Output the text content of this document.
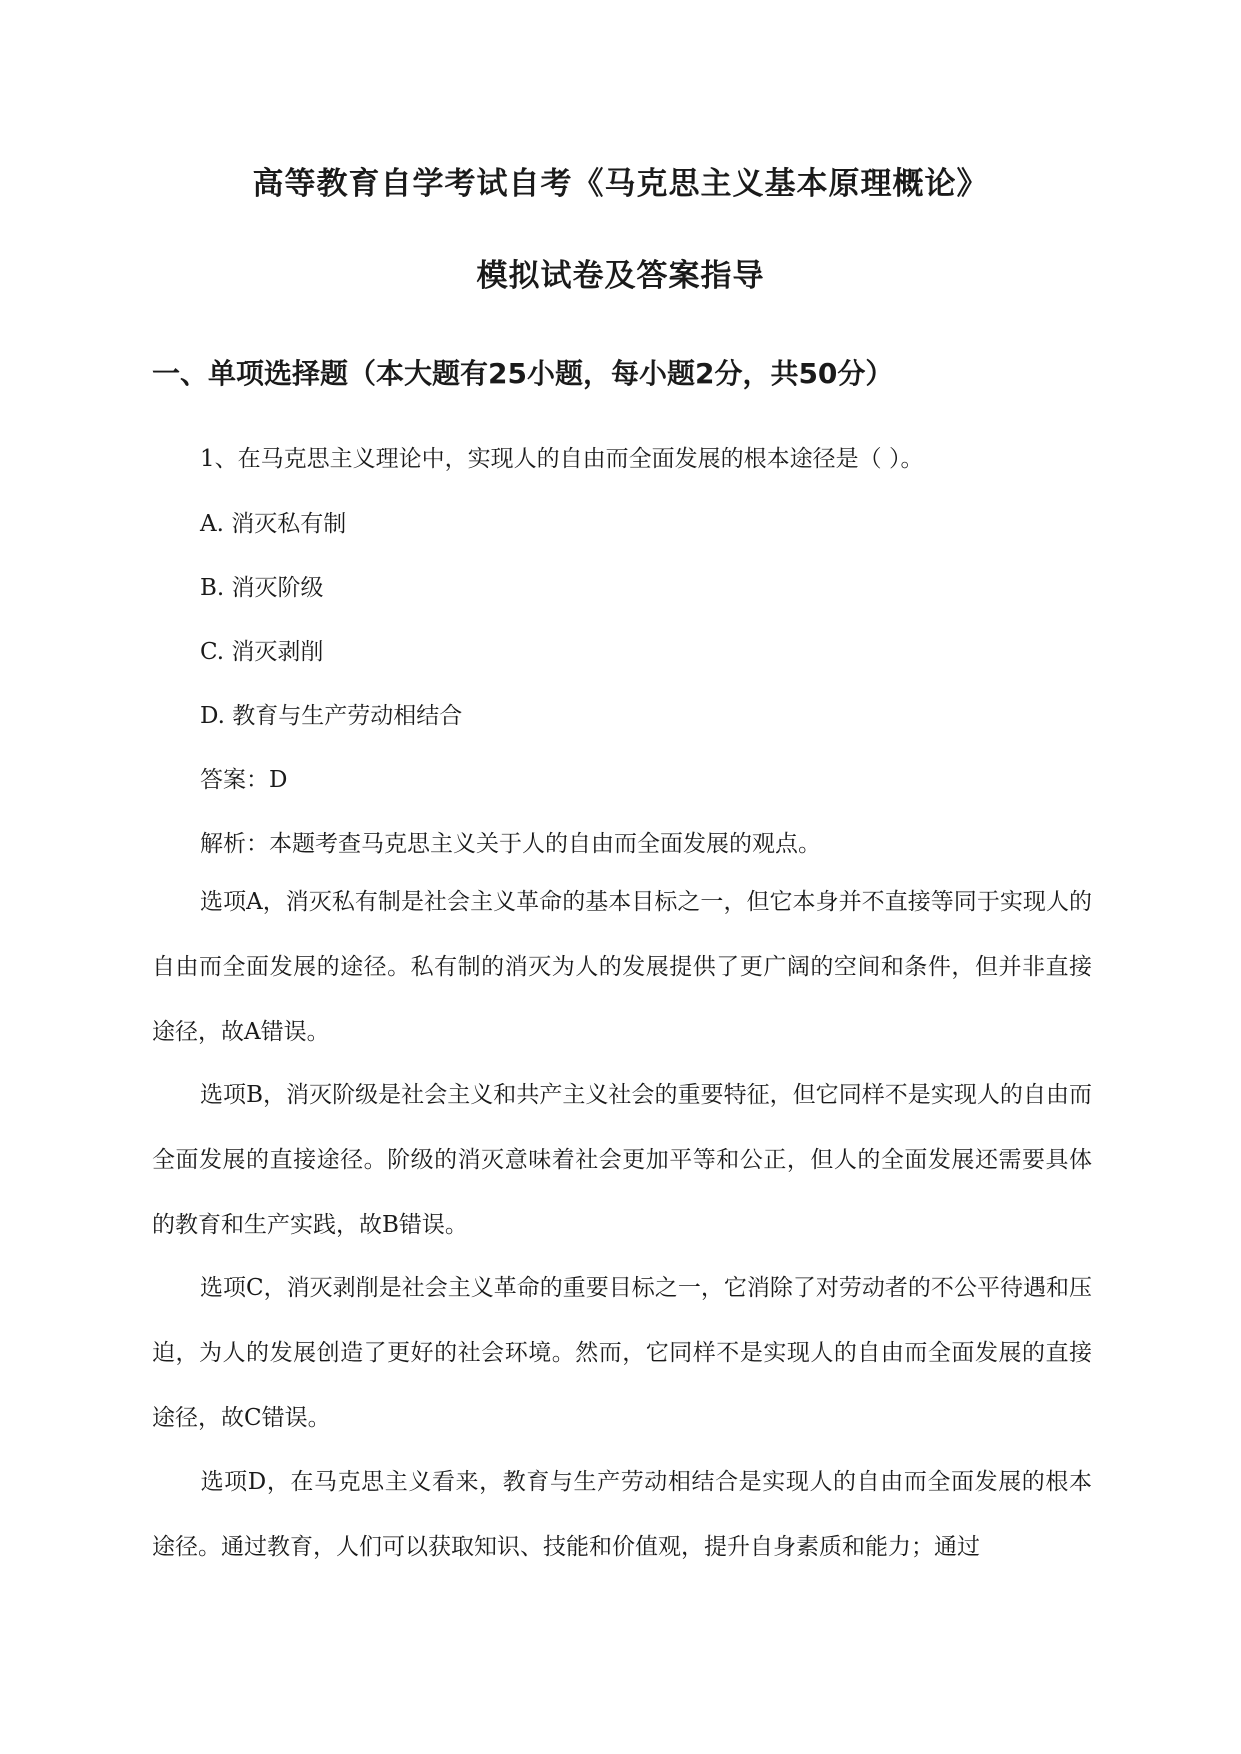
高等教育自学考试自考《马克思主义基本原理概论》
模拟试卷及答案指导
一、单项选择题（本大题有25小题，每小题2分，共50分）
1、在马克思主义理论中，实现人的自由而全面发展的根本途径是（ ）。
A. 消灭私有制
B. 消灭阶级
C. 消灭剥削
D. 教育与生产劳动相结合
答案：D
解析：本题考查马克思主义关于人的自由而全面发展的观点。
选项A，消灭私有制是社会主义革命的基本目标之一，但它本身并不直接等同于实现人的自由而全面发展的途径。私有制的消灭为人的发展提供了更广阔的空间和条件，但并非直接途径，故A错误。
选项B，消灭阶级是社会主义和共产主义社会的重要特征，但它同样不是实现人的自由而全面发展的直接途径。阶级的消灭意味着社会更加平等和公正，但人的全面发展还需要具体的教育和生产实践，故B错误。
选项C，消灭剥削是社会主义革命的重要目标之一，它消除了对劳动者的不公平待遇和压迫，为人的发展创造了更好的社会环境。然而，它同样不是实现人的自由而全面发展的直接途径，故C错误。
选项D，在马克思主义看来，教育与生产劳动相结合是实现人的自由而全面发展的根本途径。通过教育，人们可以获取知识、技能和价值观，提升自身素质和能力；通过
